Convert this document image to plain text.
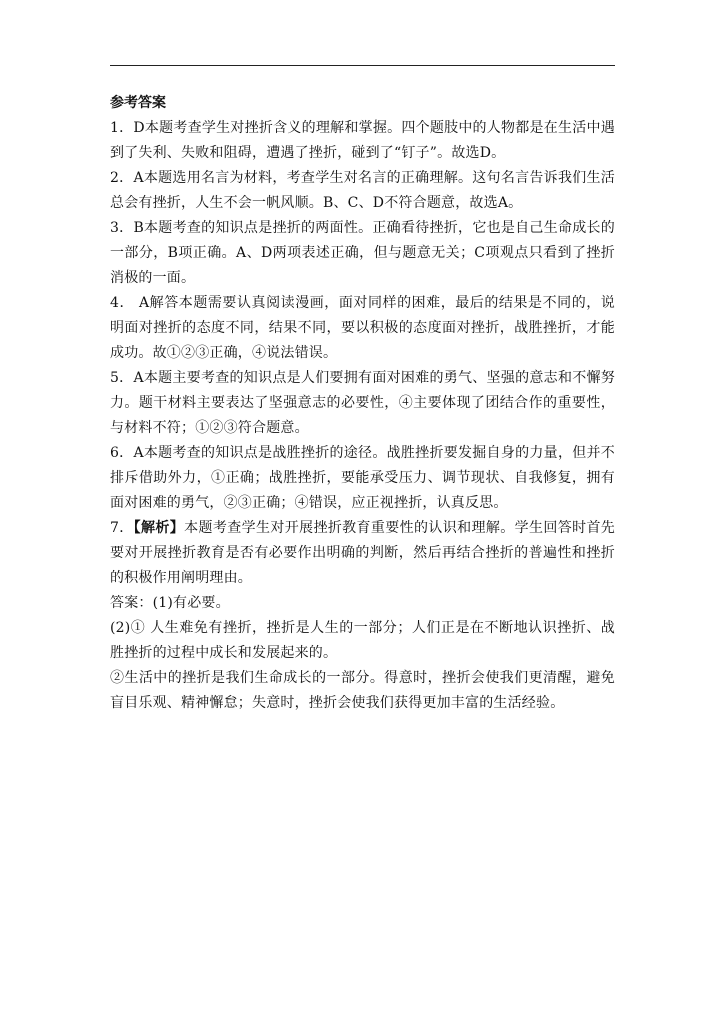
参考答案

1．D本题考查学生对挫折含义的理解和掌握。四个题肢中的人物都是在生活中遇到了失利、失败和阻碍，遭遇了挫折，碰到了“钉子”。故选D。

2．A本题选用名言为材料，考查学生对名言的正确理解。这句名言告诉我们生活总会有挫折，人生不会一帆风顺。B、C、D不符合题意，故选A。

3．B本题考查的知识点是挫折的两面性。正确看待挫折，它也是自己生命成长的一部分，B项正确。A、D两项表述正确，但与题意无关；C项观点只看到了挫折消极的一面。

4． A解答本题需要认真阅读漫画，面对同样的困难，最后的结果是不同的，说明面对挫折的态度不同，结果不同，要以积极的态度面对挫折，战胜挫折，才能成功。故①②③正确，④说法错误。

5．A本题主要考查的知识点是人们要拥有面对困难的勇气、坚强的意志和不懈努力。题干材料主要表达了坚强意志的必要性，④主要体现了团结合作的重要性，与材料不符；①②③符合题意。

6．A本题考查的知识点是战胜挫折的途径。战胜挫折要发掘自身的力量，但并不排斥借助外力，①正确；战胜挫折，要能承受压力、调节现状、自我修复，拥有面对困难的勇气，②③正确；④错误，应正视挫折，认真反思。

7．【解析】本题考查学生对开展挫折教育重要性的认识和理解。学生回答时首先要对开展挫折教育是否有必要作出明确的判断，然后再结合挫折的普遍性和挫折的积极作用阐明理由。

答案：(1)有必要。

(2)① 人生难免有挫折，挫折是人生的一部分；人们正是在不断地认识挫折、战胜挫折的过程中成长和发展起来的。

②生活中的挫折是我们生命成长的一部分。得意时，挫折会使我们更清醒，避免盲目乐观、精神懈怠；失意时，挫折会使我们获得更加丰富的生活经验。
